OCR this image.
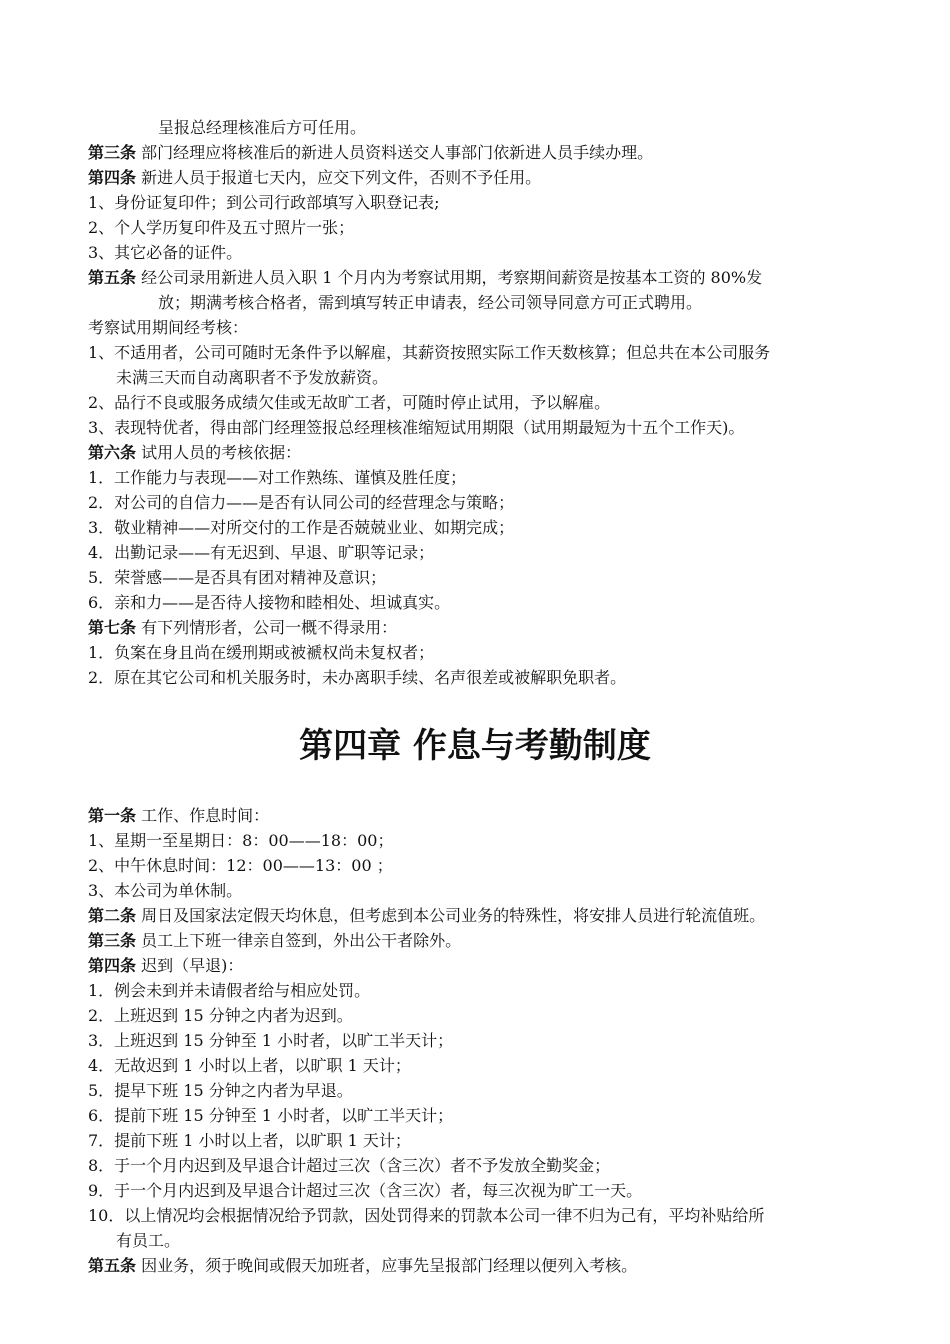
呈报总经理核准后方可任用。
第三条 部门经理应将核准后的新进人员资料送交人事部门依新进人员手续办理。
第四条 新进人员于报道七天内，应交下列文件，否则不予任用。
1、身份证复印件；到公司行政部填写入职登记表;
2、个人学历复印件及五寸照片一张；
3、其它必备的证件。
第五条 经公司录用新进人员入职 1 个月内为考察试用期，考察期间薪资是按基本工资的 80%发
放；期满考核合格者，需到填写转正申请表，经公司领导同意方可正式聘用。
考察试用期间经考核：
1、不适用者，公司可随时无条件予以解雇，其薪资按照实际工作天数核算；但总共在本公司服务
未满三天而自动离职者不予发放薪资。
2、品行不良或服务成绩欠佳或无故旷工者，可随时停止试用，予以解雇。
3、表现特优者，得由部门经理签报总经理核准缩短试用期限（试用期最短为十五个工作天)。
第六条 试用人员的考核依据：
1．工作能力与表现——对工作熟练、谨慎及胜任度；
2．对公司的自信力——是否有认同公司的经营理念与策略；
3．敬业精神——对所交付的工作是否兢兢业业、如期完成；
4．出勤记录——有无迟到、早退、旷职等记录；
5．荣誉感——是否具有团对精神及意识；
6．亲和力——是否待人接物和睦相处、坦诚真实。
第七条 有下列情形者，公司一概不得录用：
1．负案在身且尚在缓刑期或被褫权尚未复权者；
2．原在其它公司和机关服务时，未办离职手续、名声很差或被解职免职者。
第四章 作息与考勤制度
第一条 工作、作息时间：
1、星期一至星期日：8：00——18：00；
2、中午休息时间：12：00——13：00 ；
3、本公司为单休制。
第二条 周日及国家法定假天均休息，但考虑到本公司业务的特殊性，将安排人员进行轮流值班。
第三条 员工上下班一律亲自签到，外出公干者除外。
第四条 迟到（早退)：
1．例会未到并未请假者给与相应处罚。
2．上班迟到 15 分钟之内者为迟到。
3．上班迟到 15 分钟至 1 小时者，以旷工半天计；
4．无故迟到 1 小时以上者，以旷职 1 天计；
5．提早下班 15 分钟之内者为早退。
6．提前下班 15 分钟至 1 小时者，以旷工半天计；
7．提前下班 1 小时以上者，以旷职 1 天计；
8．于一个月内迟到及早退合计超过三次（含三次）者不予发放全勤奖金；
9．于一个月内迟到及早退合计超过三次（含三次）者，每三次视为旷工一天。
10．以上情况均会根据情况给予罚款，因处罚得来的罚款本公司一律不归为己有，平均补贴给所
有员工。
第五条 因业务，须于晚间或假天加班者，应事先呈报部门经理以便列入考核。
